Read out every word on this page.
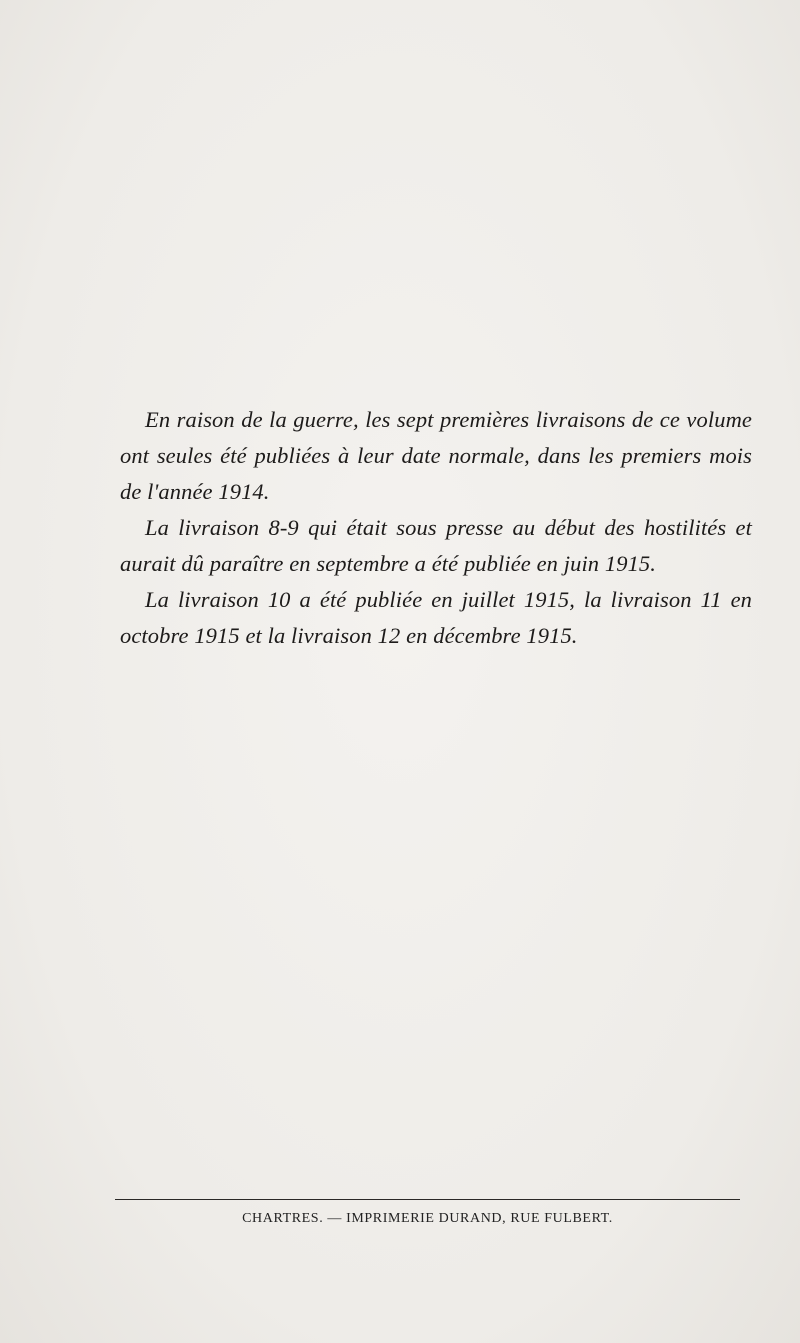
En raison de la guerre, les sept premières livraisons de ce volume ont seules été publiées à leur date normale, dans les premiers mois de l'année 1914.

La livraison 8-9 qui était sous presse au début des hostilités et aurait dû paraître en septembre a été publiée en juin 1915.

La livraison 10 a été publiée en juillet 1915, la livraison 11 en octobre 1915 et la livraison 12 en décembre 1915.

CHARTRES. — IMPRIMERIE DURAND, RUE FULBERT.
